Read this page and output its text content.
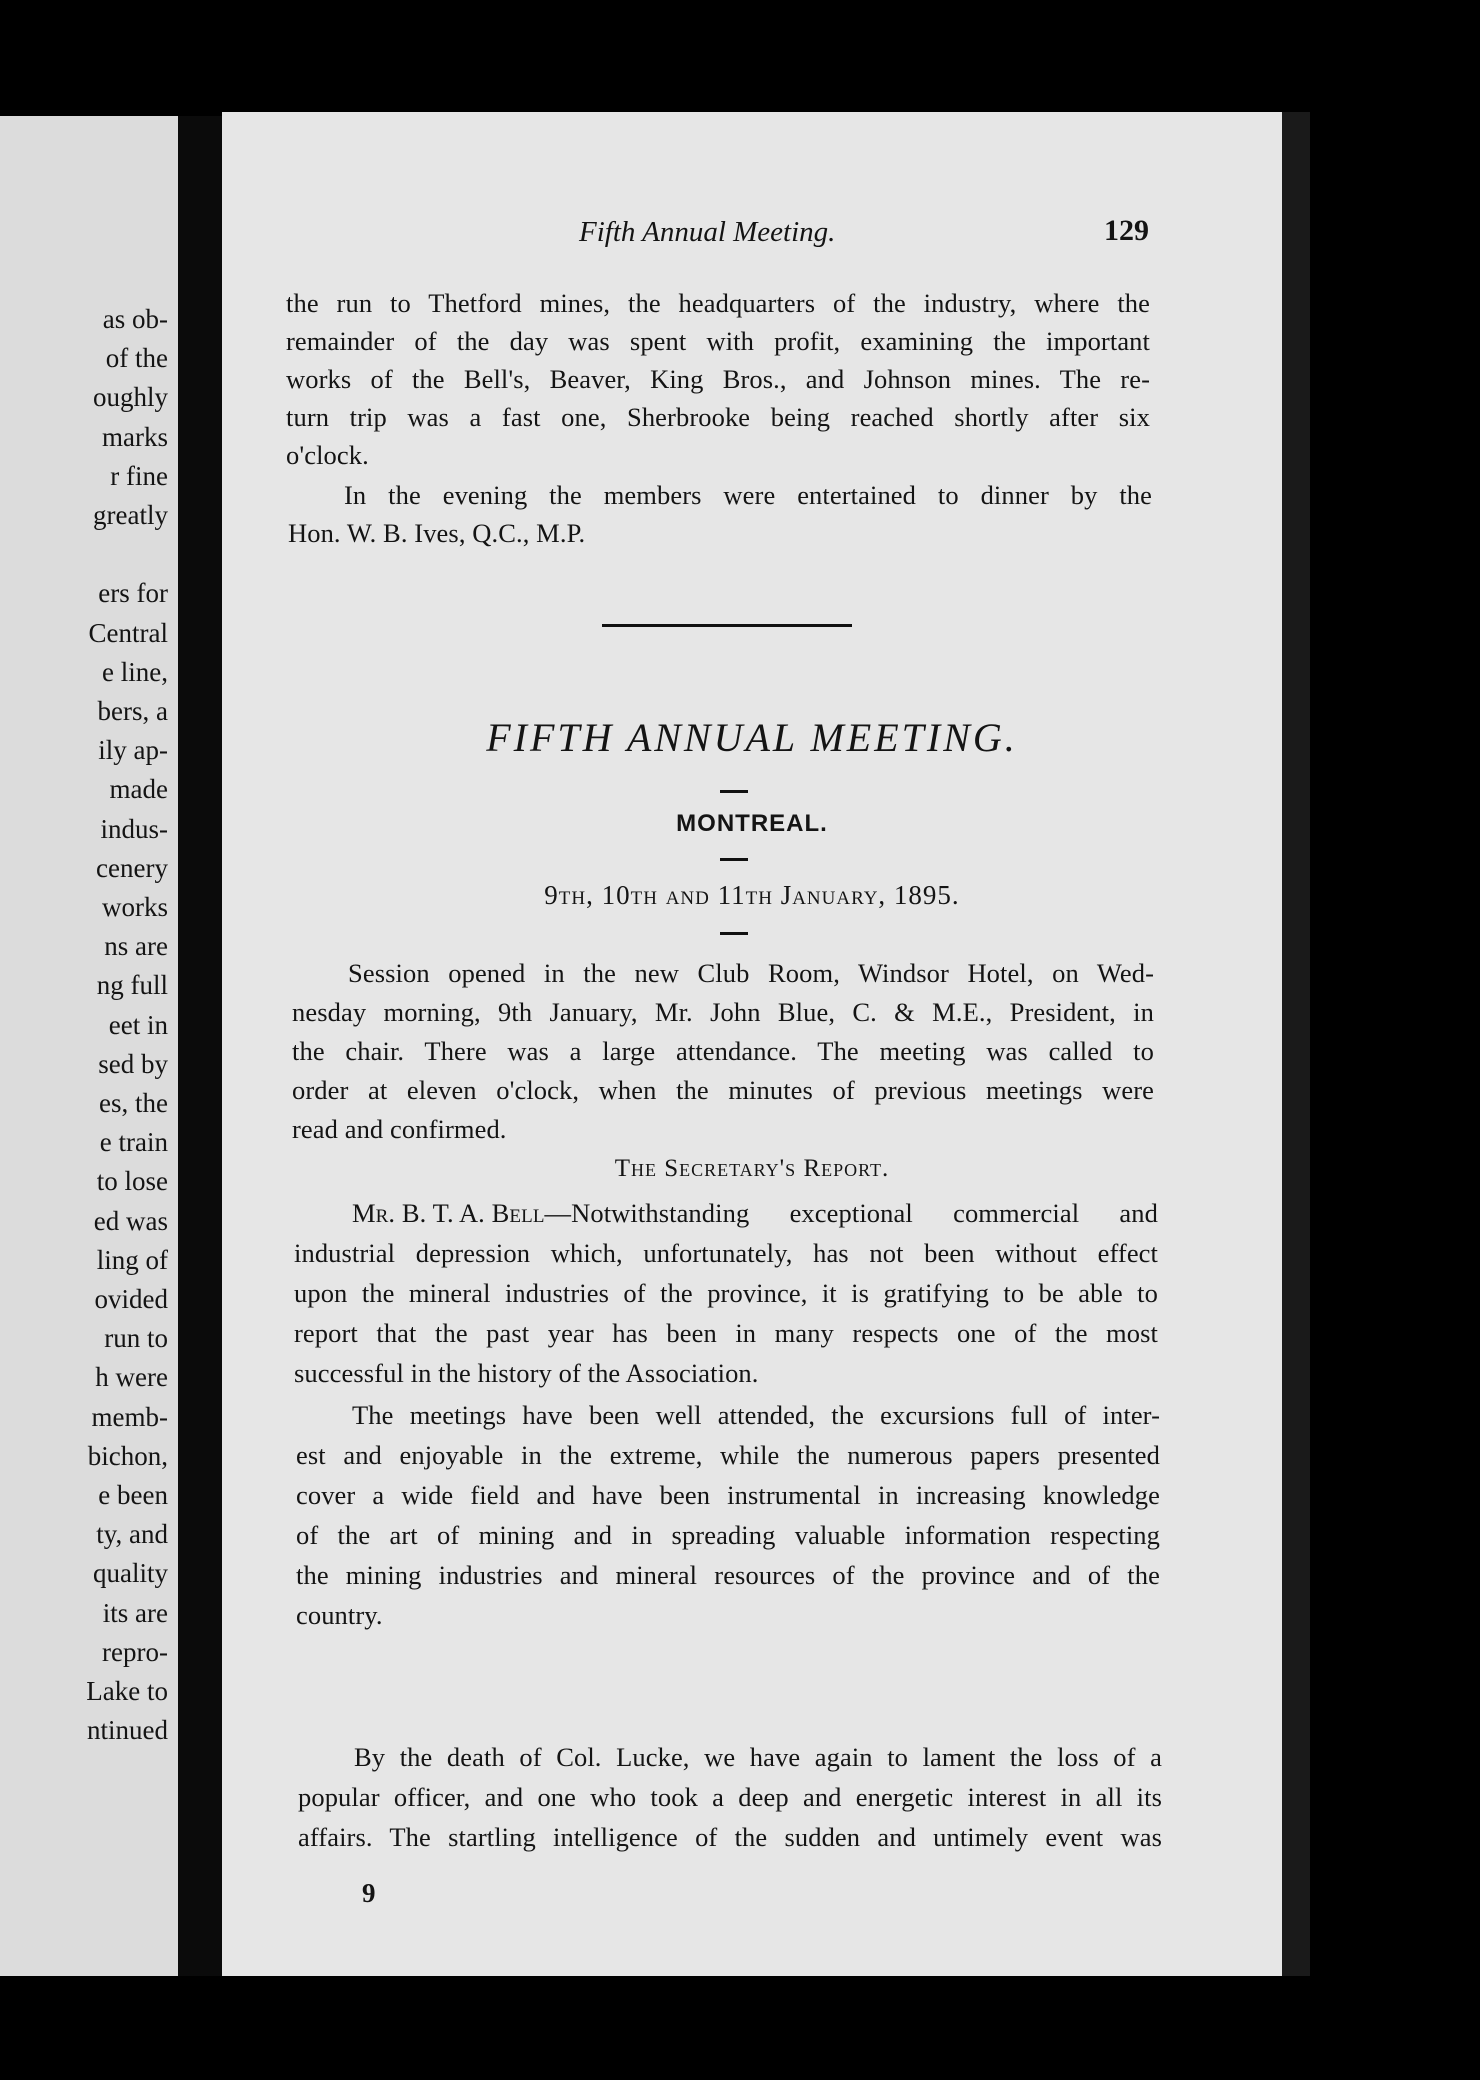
as ob-
of the
oughly
marks
r fine
greatly
ers for
Central
e line,
bers, a
ily ap-
made
indus-
cenery
works
ns are
ng full
eet in
sed by
es, the
e train
to lose
ed was
ling of
ovided
run to
h were
memb-
bichon,
e been
ty, and
quality
its are
repro-
Lake to
ntinued
Fifth Annual Meeting.	129
the run to Thetford mines, the headquarters of the industry, where the
remainder of the day was spent with profit, examining the important
works of the Bell's, Beaver, King Bros., and Johnson mines. The re-
turn trip was a fast one, Sherbrooke being reached shortly after six
o'clock.
In the evening the members were entertained to dinner by the
Hon. W. B. Ives, Q.C., M.P.
FIFTH ANNUAL MEETING.
MONTREAL.
9th, 10th and 11th January, 1895.
Session opened in the new Club Room, Windsor Hotel, on Wed-
nesday morning, 9th January, Mr. John Blue, C. & M.E., President, in
the chair. There was a large attendance. The meeting was called to
order at eleven o'clock, when the minutes of previous meetings were
read and confirmed.
The Secretary's Report.
Mr. B. T. A. Bell —Notwithstanding exceptional commercial and
industrial depression which, unfortunately, has not been without effect
upon the mineral industries of the province, it is gratifying to be able to
report that the past year has been in many respects one of the most
successful in the history of the Association.
The meetings have been well attended, the excursions full of inter-
est and enjoyable in the extreme, while the numerous papers presented
cover a wide field and have been instrumental in increasing knowledge
of the art of mining and in spreading valuable information respecting
the mining industries and mineral resources of the province and of the
country.
By the death of Col. Lucke, we have again to lament the loss of a
popular officer, and one who took a deep and energetic interest in all its
affairs. The startling intelligence of the sudden and untimely event was
9
